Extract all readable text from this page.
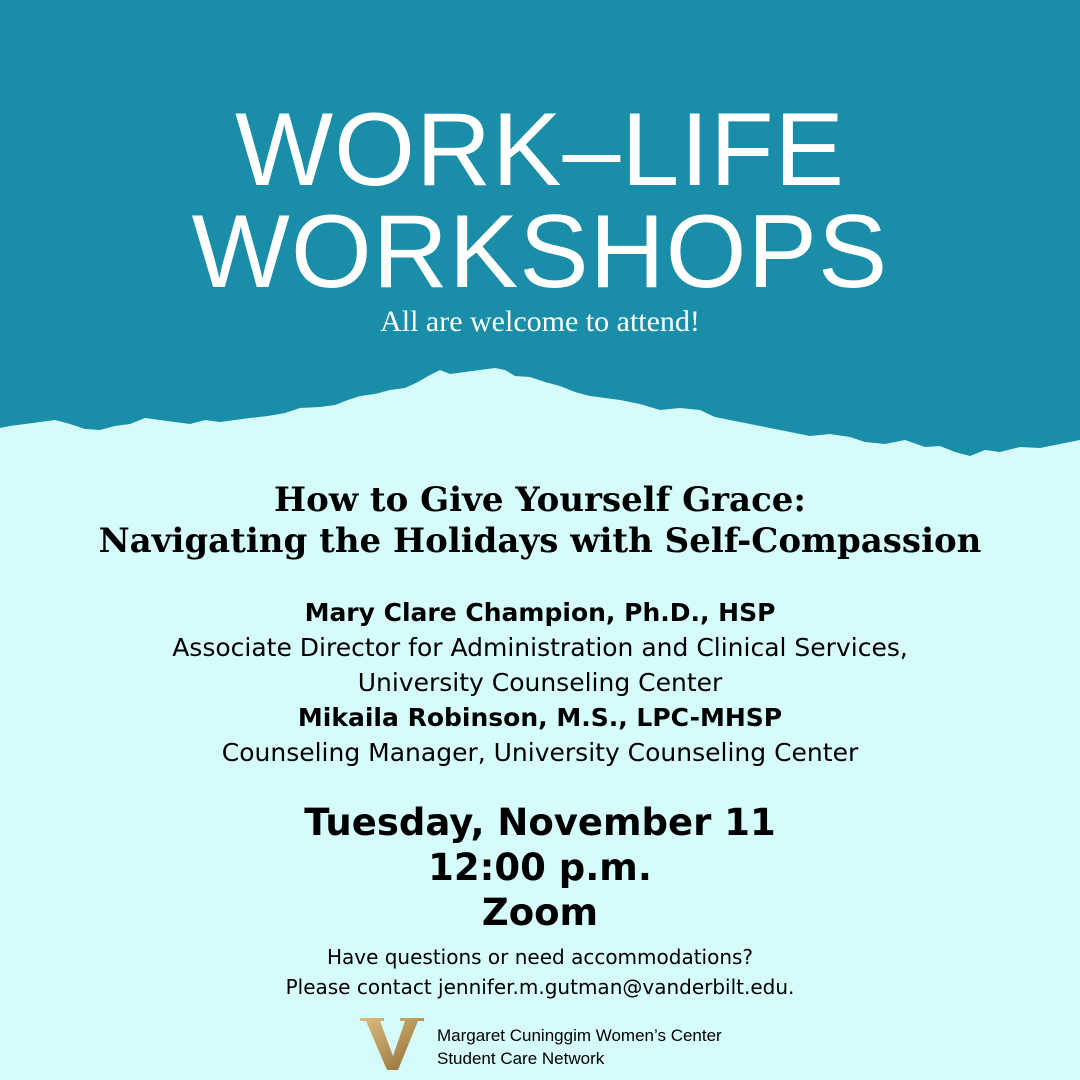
WORK–LIFE
WORKSHOPS
All are welcome to attend!
How to Give Yourself Grace:
Navigating the Holidays with Self-Compassion
Mary Clare Champion, Ph.D., HSP
Associate Director for Administration and Clinical Services,
University Counseling Center
Mikaila Robinson, M.S., LPC-MHSP
Counseling Manager, University Counseling Center
Tuesday, November 11
12:00 p.m.
Zoom
Have questions or need accommodations?
Please contact jennifer.m.gutman@vanderbilt.edu.
Margaret Cuninggim Women’s Center
Student Care Network
